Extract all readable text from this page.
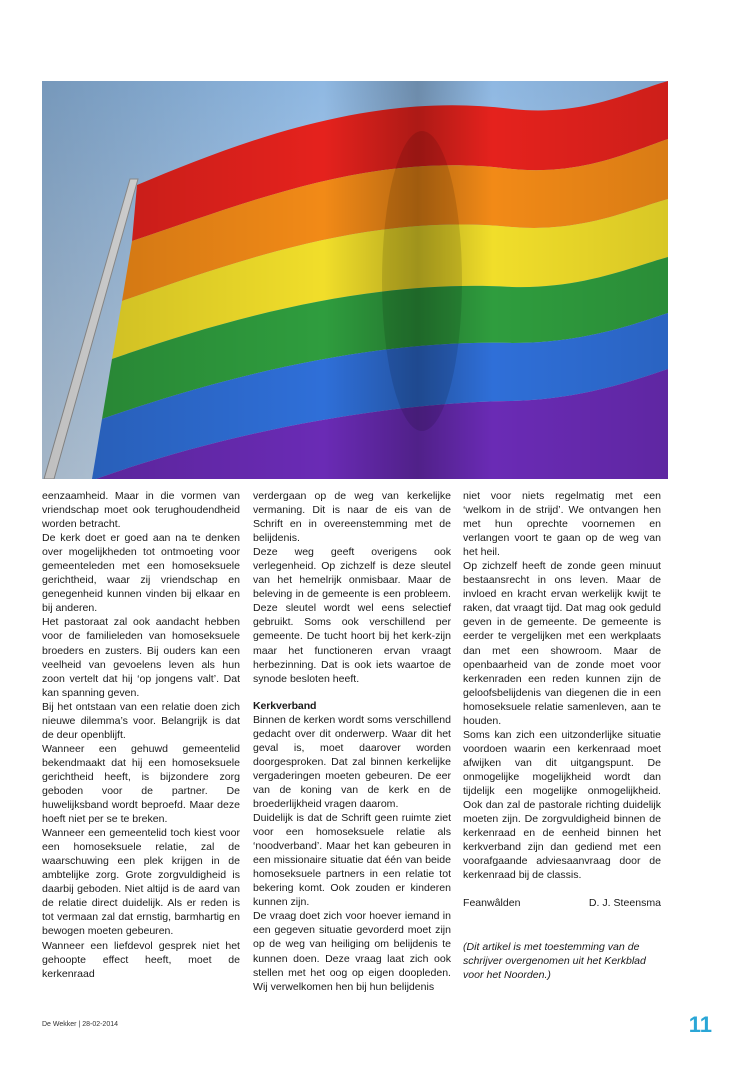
eenzaamheid. Maar in die vormen van vriendschap moet ook terughoudendheid worden betracht.

De kerk doet er goed aan na te denken over mogelijkheden tot ontmoeting voor gemeenteleden met een homoseksuele gerichtheid, waar zij vriendschap en genegenheid kunnen vinden bij elkaar en bij anderen.

Het pastoraat zal ook aandacht hebben voor de familieleden van homoseksuele broeders en zusters. Bij ouders kan een veelheid van gevoelens leven als hun zoon vertelt dat hij ‘op jongens valt’. Dat kan spanning geven.

Bij het ontstaan van een relatie doen zich nieuwe dilemma’s voor. Belangrijk is dat de deur openblijft.

Wanneer een gehuwd gemeentelid bekendmaakt dat hij een homoseksuele gerichtheid heeft, is bijzondere zorg geboden voor de partner. De huwelijksband wordt beproefd. Maar deze hoeft niet per se te breken.

Wanneer een gemeentelid toch kiest voor een homoseksuele relatie, zal de waarschuwing een plek krijgen in de ambtelijke zorg. Grote zorgvuldigheid is daarbij geboden. Niet altijd is de aard van de relatie direct duidelijk. Als er reden is tot vermaan zal dat ernstig, barmhartig en bewogen moeten gebeuren.

Wanneer een liefdevol gesprek niet het gehoopte effect heeft, moet de kerkenraad

verdergaan op de weg van kerkelijke vermaning. Dit is naar de eis van de Schrift en in overeenstemming met de belijdenis.

Deze weg geeft overigens ook verlegenheid. Op zichzelf is deze sleutel van het hemelrijk onmisbaar. Maar de beleving in de gemeente is een probleem. Deze sleutel wordt wel eens selectief gebruikt. Soms ook verschillend per gemeente. De tucht hoort bij het kerk-zijn maar het functioneren ervan vraagt herbezinning. Dat is ook iets waartoe de synode besloten heeft.

Kerkverband

Binnen de kerken wordt soms verschillend gedacht over dit onderwerp. Waar dit het geval is, moet daarover worden doorgesproken. Dat zal binnen kerkelijke vergaderingen moeten gebeuren. De eer van de koning van de kerk en de broederlijkheid vragen daarom.

Duidelijk is dat de Schrift geen ruimte ziet voor een homoseksuele relatie als ‘noodverband’. Maar het kan gebeuren in een missionaire situatie dat één van beide homoseksuele partners in een relatie tot bekering komt. Ook zouden er kinderen kunnen zijn.

De vraag doet zich voor hoever iemand in een gegeven situatie gevorderd moet zijn op de weg van heiliging om belijdenis te kunnen doen. Deze vraag laat zich ook stellen met het oog op eigen doopleden. Wij verwelkomen hen bij hun belijdenis

niet voor niets regelmatig met een ‘welkom in de strijd’. We ontvangen hen met hun oprechte voornemen en verlangen voort te gaan op de weg van het heil.

Op zichzelf heeft de zonde geen minuut bestaansrecht in ons leven. Maar de invloed en kracht ervan werkelijk kwijt te raken, dat vraagt tijd. Dat mag ook geduld geven in de gemeente. De gemeente is eerder te vergelijken met een werkplaats dan met een showroom. Maar de openbaarheid van de zonde moet voor kerkenraden een reden kunnen zijn de geloofsbelijdenis van diegenen die in een homoseksuele relatie samenleven, aan te houden.

Soms kan zich een uitzonderlijke situatie voordoen waarin een kerkenraad moet afwijken van dit uitgangspunt. De onmogelijke mogelijkheid wordt dan tijdelijk een mogelijke onmogelijkheid. Ook dan zal de pastorale richting duidelijk moeten zijn. De zorgvuldigheid binnen de kerkenraad en de eenheid binnen het kerkverband zijn dan gediend met een voorafgaande adviesaanvraag door de kerkenraad bij de classis.

Feanwâlden	D. J. Steensma

(Dit artikel is met toestemming van de schrijver overgenomen uit het Kerkblad voor het Noorden.)

De Wekker | 28-02-2014	11
